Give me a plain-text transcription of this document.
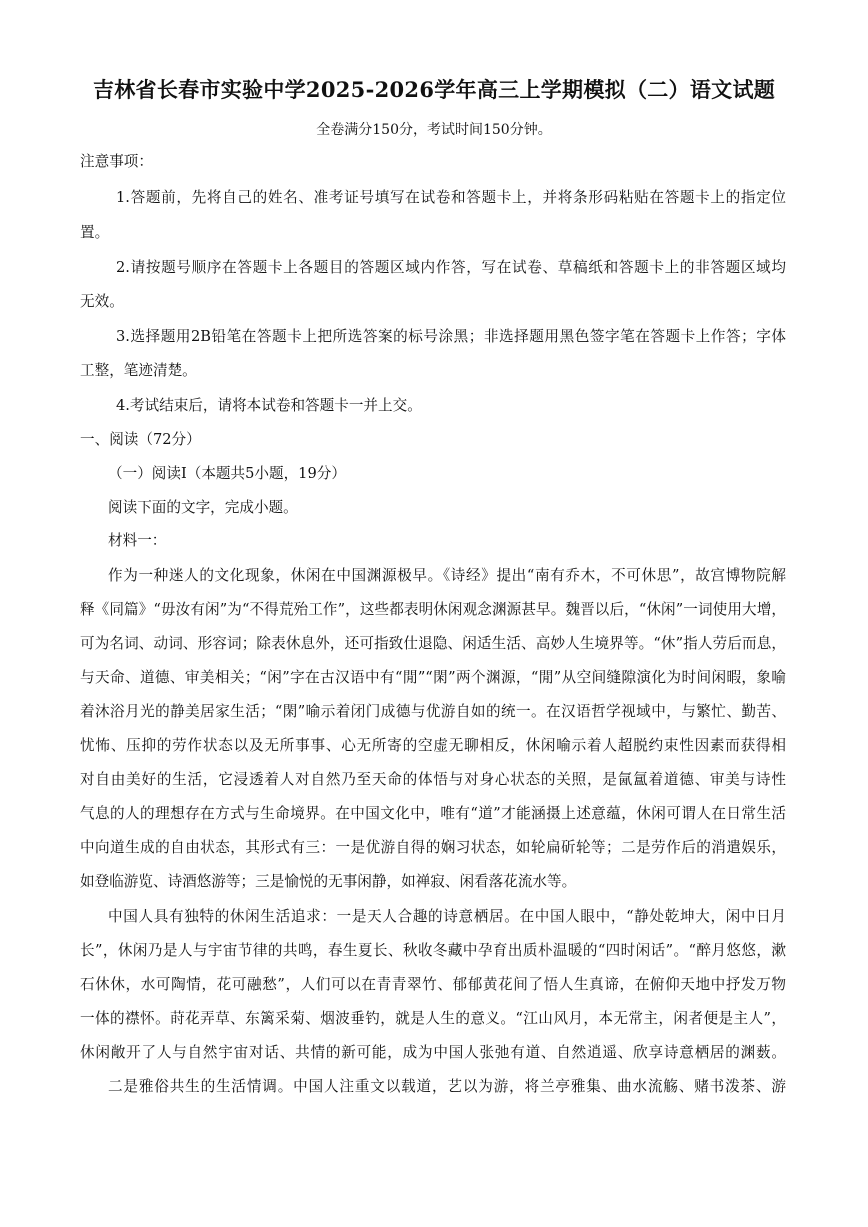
吉林省长春市实验中学2025-2026学年高三上学期模拟（二）语文试题
全卷满分150分，考试时间150分钟。
注意事项：
1.答题前，先将自己的姓名、准考证号填写在试卷和答题卡上，并将条形码粘贴在答题卡上的指定位
置。
2.请按题号顺序在答题卡上各题目的答题区域内作答，写在试卷、草稿纸和答题卡上的非答题区域均
无效。
3.选择题用2B铅笔在答题卡上把所选答案的标号涂黑；非选择题用黑色签字笔在答题卡上作答；字体
工整，笔迹清楚。
4.考试结束后，请将本试卷和答题卡一并上交。
一、阅读（72分）
（一）阅读Ⅰ（本题共5小题，19分）
阅读下面的文字，完成小题。
材料一：
作为一种迷人的文化现象，休闲在中国渊源极早。《诗经》提出“南有乔木，不可休思”，故宫博物院解
释《同篇》“毋汝有闲”为“不得荒殆工作”，这些都表明休闲观念渊源甚早。魏晋以后，“休闲”一词使用大增，
可为名词、动词、形容词；除表休息外，还可指致仕退隐、闲适生活、高妙人生境界等。“休”指人劳后而息，
与天命、道德、审美相关；“闲”字在古汉语中有“閒”“閑”两个渊源，“閒”从空间缝隙演化为时间闲暇，象喻
着沐浴月光的静美居家生活；“閑”喻示着闭门成德与优游自如的统一。在汉语哲学视域中，与繁忙、勤苦、
忧怖、压抑的劳作状态以及无所事事、心无所寄的空虚无聊相反，休闲喻示着人超脱约束性因素而获得相
对自由美好的生活，它浸透着人对自然乃至天命的体悟与对身心状态的关照，是氤氲着道德、审美与诗性
气息的人的理想存在方式与生命境界。在中国文化中，唯有“道”才能涵摄上述意蕴，休闲可谓人在日常生活
中向道生成的自由状态，其形式有三：一是优游自得的娴习状态，如轮扁斫轮等；二是劳作后的消遣娱乐，
如登临游览、诗酒悠游等；三是愉悦的无事闲静，如禅寂、闲看落花流水等。
中国人具有独特的休闲生活追求：一是天人合趣的诗意栖居。在中国人眼中，“静处乾坤大，闲中日月
长”，休闲乃是人与宇宙节律的共鸣，春生夏长、秋收冬藏中孕育出质朴温暖的“四时闲话”。“醉月悠悠，漱
石休休，水可陶情，花可融愁”，人们可以在青青翠竹、郁郁黄花间了悟人生真谛，在俯仰天地中抒发万物
一体的襟怀。莳花弄草、东篱采菊、烟波垂钓，就是人生的意义。“江山风月，本无常主，闲者便是主人”，
休闲敞开了人与自然宇宙对话、共情的新可能，成为中国人张弛有道、自然逍遥、欣享诗意栖居的渊薮。
二是雅俗共生的生活情调。中国人注重文以载道，艺以为游，将兰亭雅集、曲水流觞、赌书泼茶、游
